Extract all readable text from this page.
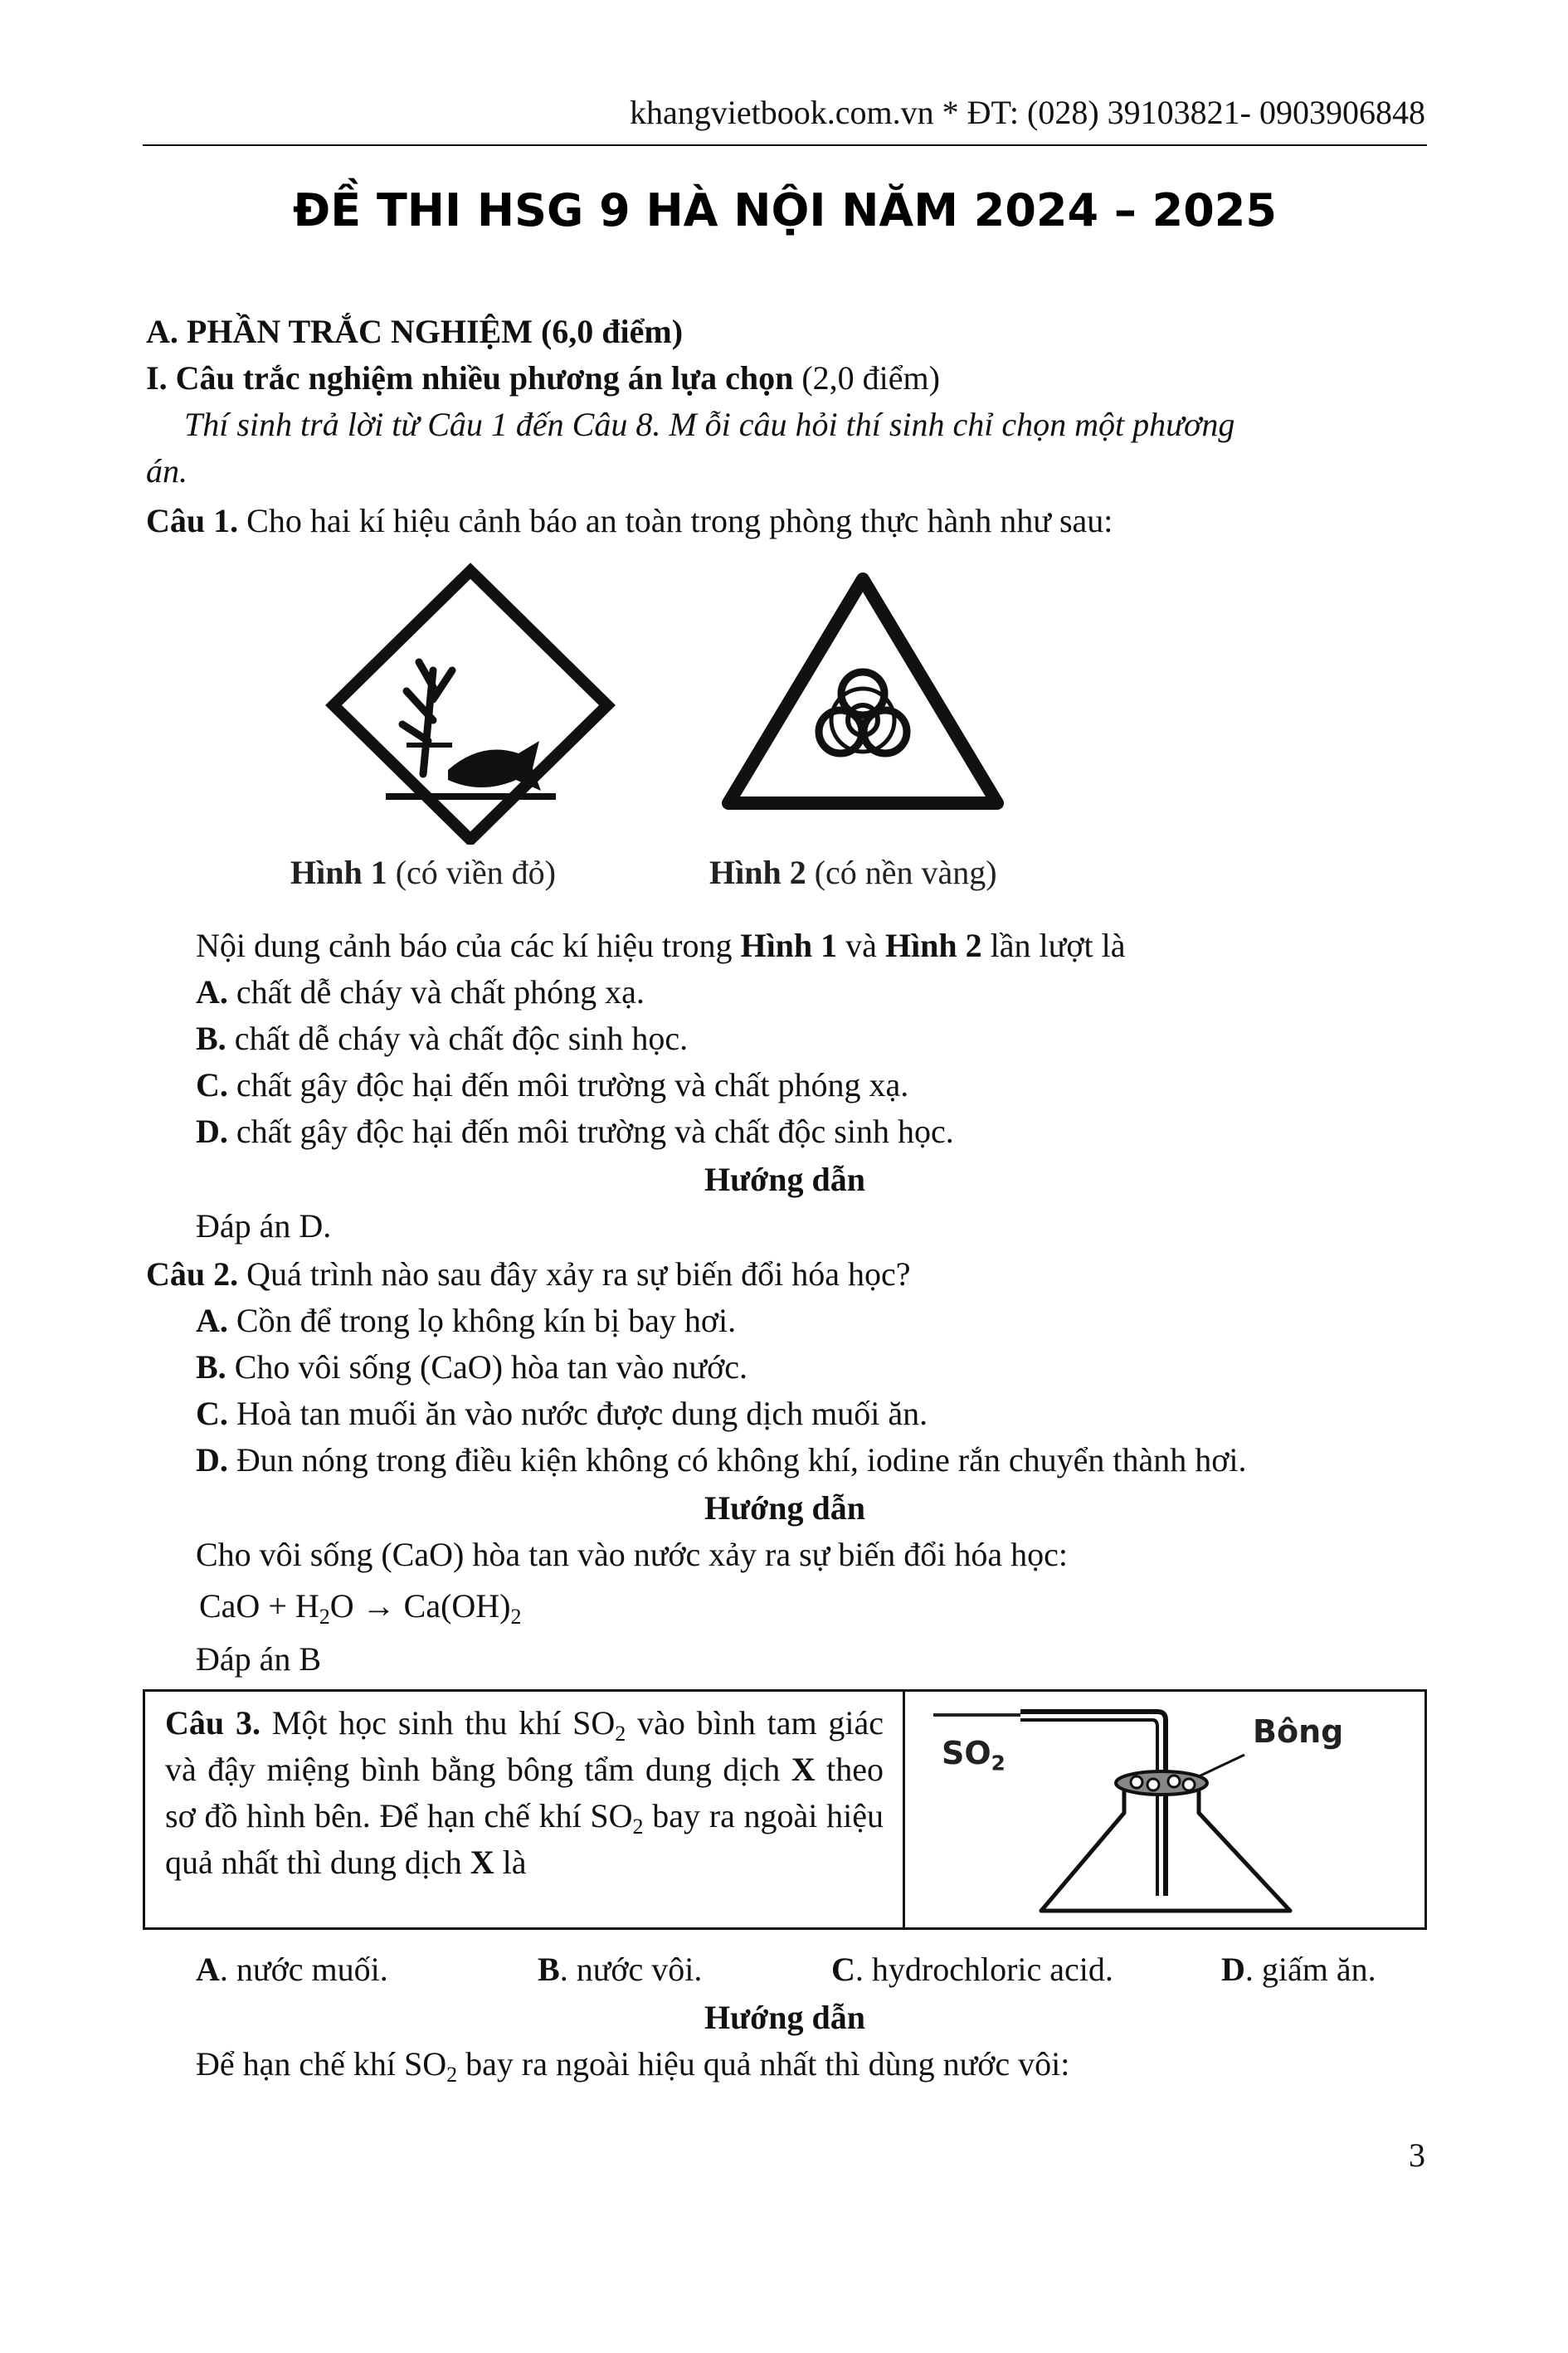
khangvietbook.com.vn * ĐT: (028) 39103821- 0903906848
ĐỀ THI HSG 9 HÀ NỘI NĂM 2024 – 2025
A. PHẦN TRẮC NGHIỆM (6,0 điểm)
I. Câu trắc nghiệm nhiều phương án lựa chọn (2,0 điểm)
Thí sinh trả lời từ Câu 1 đến Câu 8. M ỗi câu hỏi thí sinh chỉ chọn một phương
án.
Câu 1. Cho hai kí hiệu cảnh báo an toàn trong phòng thực hành như sau:
Hình 1 (có viền đỏ)	Hình 2 (có nền vàng)
Nội dung cảnh báo của các kí hiệu trong Hình 1 và Hình 2 lần lượt là
A. chất dễ cháy và chất phóng xạ.
B. chất dễ cháy và chất độc sinh học.
C. chất gây độc hại đến môi trường và chất phóng xạ.
D. chất gây độc hại đến môi trường và chất độc sinh học.
Hướng dẫn
Đáp án D.
Câu 2. Quá trình nào sau đây xảy ra sự biến đổi hóa học?
A. Cồn để trong lọ không kín bị bay hơi.
B. Cho vôi sống (CaO) hòa tan vào nước.
C. Hoà tan muối ăn vào nước được dung dịch muối ăn.
D. Đun nóng trong điều kiện không có không khí, iodine rắn chuyển thành hơi.
Hướng dẫn
Cho vôi sống (CaO) hòa tan vào nước xảy ra sự biến đổi hóa học:
CaO + $H_2O \to Ca(OH)_2$
Đáp án B
Câu 3. Một học sinh thu khí $SO_2$ vào bình tam giác và đậy miệng bình bằng bông tẩm dung dịch X theo sơ đồ hình bên. Để hạn chế khí $SO_2$ bay ra ngoài hiệu quả nhất thì dung dịch X là
$SO_2$
Bông
A. nước muối.	B. nước vôi.	C. hydrochloric acid.	D. giấm ăn.
Hướng dẫn
Để hạn chế khí $SO_2$ bay ra ngoài hiệu quả nhất thì dùng nước vôi:
3
